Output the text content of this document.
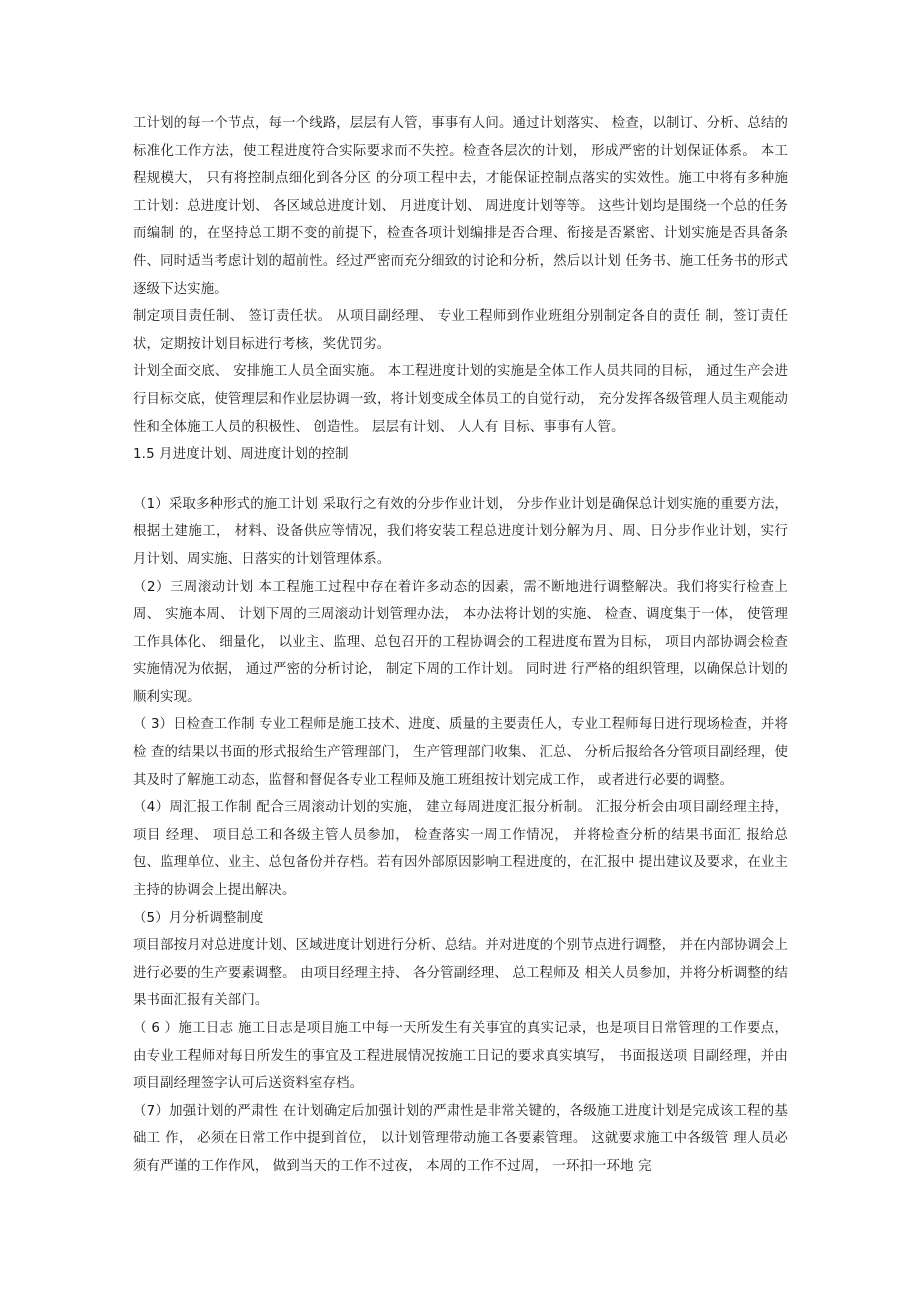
工计划的每一个节点，每一个线路，层层有人管，事事有人问。通过计划落实、 检查，以制订、分析、总结的标准化工作方法，使工程进度符合实际要求而不失控。检查各层次的计划， 形成严密的计划保证体系。 本工程规模大， 只有将控制点细化到各分区 的分项工程中去，才能保证控制点落实的实效性。施工中将有多种施工计划：总进度计划、 各区域总进度计划、 月进度计划、 周进度计划等等。 这些计划均是围绕一个总的任务而编制 的，在坚持总工期不变的前提下，检查各项计划编排是否合理、衔接是否紧密、计划实施是否具备条件、同时适当考虑计划的超前性。经过严密而充分细致的讨论和分析，然后以计划 任务书、施工任务书的形式逐级下达实施。

制定项目责任制、 签订责任状。 从项目副经理、 专业工程师到作业班组分别制定各自的责任 制，签订责任状，定期按计划目标进行考核，奖优罚劣。

计划全面交底、 安排施工人员全面实施。 本工程进度计划的实施是全体工作人员共同的目标， 通过生产会进行目标交底，使管理层和作业层协调一致，将计划变成全体员工的自觉行动， 充分发挥各级管理人员主观能动性和全体施工人员的积极性、 创造性。 层层有计划、 人人有 目标、事事有人管。

1.5 月进度计划、周进度计划的控制

（1）采取多种形式的施工计划 采取行之有效的分步作业计划， 分步作业计划是确保总计划实施的重要方法， 根据土建施工， 材料、设备供应等情况，我们将安装工程总进度计划分解为月、周、日分步作业计划，实行 月计划、周实施、日落实的计划管理体系。

（2）三周滚动计划 本工程施工过程中存在着许多动态的因素，需不断地进行调整解决。我们将实行检查上周、 实施本周、 计划下周的三周滚动计划管理办法， 本办法将计划的实施、 检查、调度集于一体， 使管理工作具体化、 细量化， 以业主、监理、总包召开的工程协调会的工程进度布置为目标， 项目内部协调会检查实施情况为依据， 通过严密的分析讨论， 制定下周的工作计划。 同时进 行严格的组织管理，以确保总计划的顺利实现。

（ 3）日检查工作制 专业工程师是施工技术、进度、质量的主要责任人，专业工程师每日进行现场检查，并将检 查的结果以书面的形式报给生产管理部门， 生产管理部门收集、 汇总、 分析后报给各分管项目副经理，使其及时了解施工动态，监督和督促各专业工程师及施工班组按计划完成工作， 或者进行必要的调整。

（4）周汇报工作制 配合三周滚动计划的实施， 建立每周进度汇报分析制。 汇报分析会由项目副经理主持， 项目 经理、 项目总工和各级主管人员参加， 检查落实一周工作情况， 并将检查分析的结果书面汇 报给总包、监理单位、业主、总包备份并存档。若有因外部原因影响工程进度的，在汇报中 提出建议及要求，在业主主持的协调会上提出解决。

（5）月分析调整制度

项目部按月对总进度计划、区域进度计划进行分析、总结。并对进度的个别节点进行调整， 并在内部协调会上进行必要的生产要素调整。 由项目经理主持、 各分管副经理、 总工程师及 相关人员参加，并将分析调整的结果书面汇报有关部门。

（ 6 ）施工日志 施工日志是项目施工中每一天所发生有关事宜的真实记录，也是项目日常管理的工作要点， 由专业工程师对每日所发生的事宜及工程进展情况按施工日记的要求真实填写， 书面报送项 目副经理，并由项目副经理签字认可后送资料室存档。

（7）加强计划的严肃性 在计划确定后加强计划的严肃性是非常关键的，各级施工进度计划是完成该工程的基础工 作， 必须在日常工作中提到首位， 以计划管理带动施工各要素管理。 这就要求施工中各级管 理人员必须有严谨的工作作风， 做到当天的工作不过夜， 本周的工作不过周， 一环扣一环地 完
